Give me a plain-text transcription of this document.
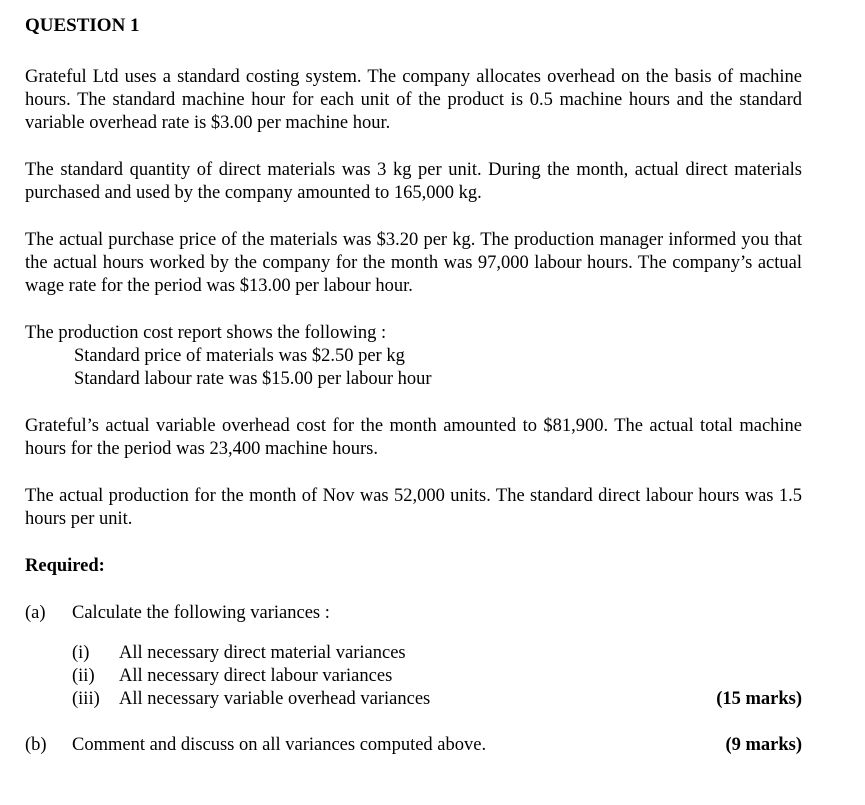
QUESTION 1

Grateful Ltd uses a standard costing system. The company allocates overhead on the basis of machine hours. The standard machine hour for each unit of the product is 0.5 machine hours and the standard variable overhead rate is $3.00 per machine hour.

The standard quantity of direct materials was 3 kg per unit. During the month, actual direct materials purchased and used by the company amounted to 165,000 kg.

The actual purchase price of the materials was $3.20 per kg. The production manager informed you that the actual hours worked by the company for the month was 97,000 labour hours. The company’s actual wage rate for the period was $13.00 per labour hour.

The production cost report shows the following :

Standard price of materials was $2.50 per kg

Standard labour rate was $15.00 per labour hour

Grateful’s actual variable overhead cost for the month amounted to $81,900. The actual total machine hours for the period was 23,400 machine hours.

The actual production for the month of Nov was 52,000 units. The standard direct labour hours was 1.5 hours per unit.

Required:
(a) Calculate the following variances :
(i) All necessary direct material variances
(ii) All necessary direct labour variances
(iii) All necessary variable overhead variances	(15 marks)
(b) Comment and discuss on all variances computed above.	(9 marks)
